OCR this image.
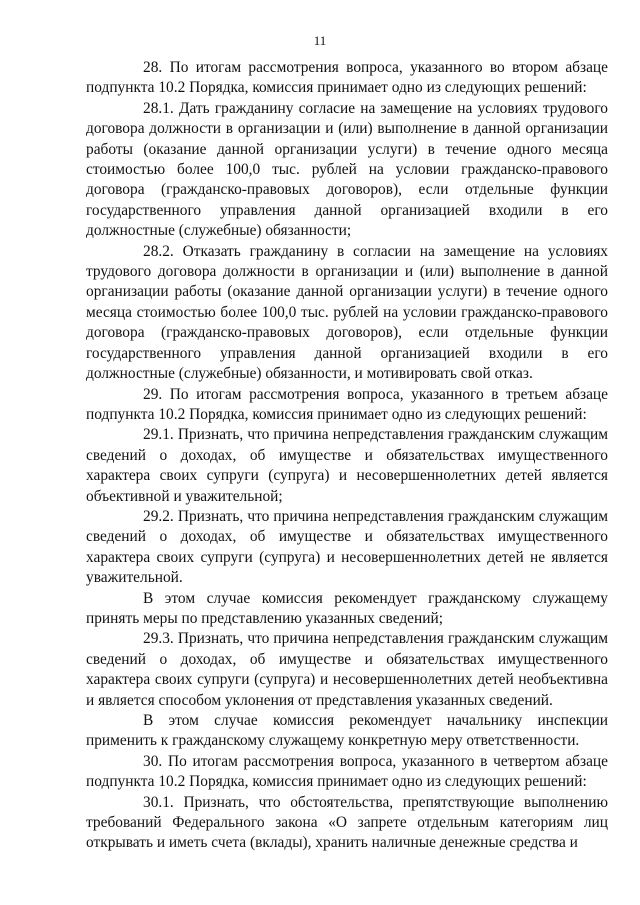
11

28. По итогам рассмотрения вопроса, указанного во втором абзаце подпункта 10.2 Порядка, комиссия принимает одно из следующих решений:

28.1. Дать гражданину согласие на замещение на условиях трудового договора должности в организации и (или) выполнение в данной организации работы (оказание данной организации услуги) в течение одного месяца стоимостью более 100,0 тыс. рублей на условии гражданско-правового договора (гражданско-правовых договоров), если отдельные функции государственного управления данной организацией входили в его должностные (служебные) обязанности;

28.2. Отказать гражданину в согласии на замещение на условиях трудового договора должности в организации и (или) выполнение в данной организации работы (оказание данной организации услуги) в течение одного месяца стоимостью более 100,0 тыс. рублей на условии гражданско-правового договора (гражданско-правовых договоров), если отдельные функции государственного управления данной организацией входили в его должностные (служебные) обязанности, и мотивировать свой отказ.

29. По итогам рассмотрения вопроса, указанного в третьем абзаце подпункта 10.2 Порядка, комиссия принимает одно из следующих решений:

29.1. Признать, что причина непредставления гражданским служащим сведений о доходах, об имуществе и обязательствах имущественного характера своих супруги (супруга) и несовершеннолетних детей является объективной и уважительной;

29.2. Признать, что причина непредставления гражданским служащим сведений о доходах, об имуществе и обязательствах имущественного характера своих супруги (супруга) и несовершеннолетних детей не является уважительной.

В этом случае комиссия рекомендует гражданскому служащему принять меры по представлению указанных сведений;

29.3. Признать, что причина непредставления гражданским служащим сведений о доходах, об имуществе и обязательствах имущественного характера своих супруги (супруга) и несовершеннолетних детей необъективна и является способом уклонения от представления указанных сведений.

В этом случае комиссия рекомендует начальнику инспекции применить к гражданскому служащему конкретную меру ответственности.

30. По итогам рассмотрения вопроса, указанного в четвертом абзаце подпункта 10.2 Порядка, комиссия принимает одно из следующих решений:

30.1. Признать, что обстоятельства, препятствующие выполнению требований Федерального закона «О запрете отдельным категориям лиц открывать и иметь счета (вклады), хранить наличные денежные средства и
